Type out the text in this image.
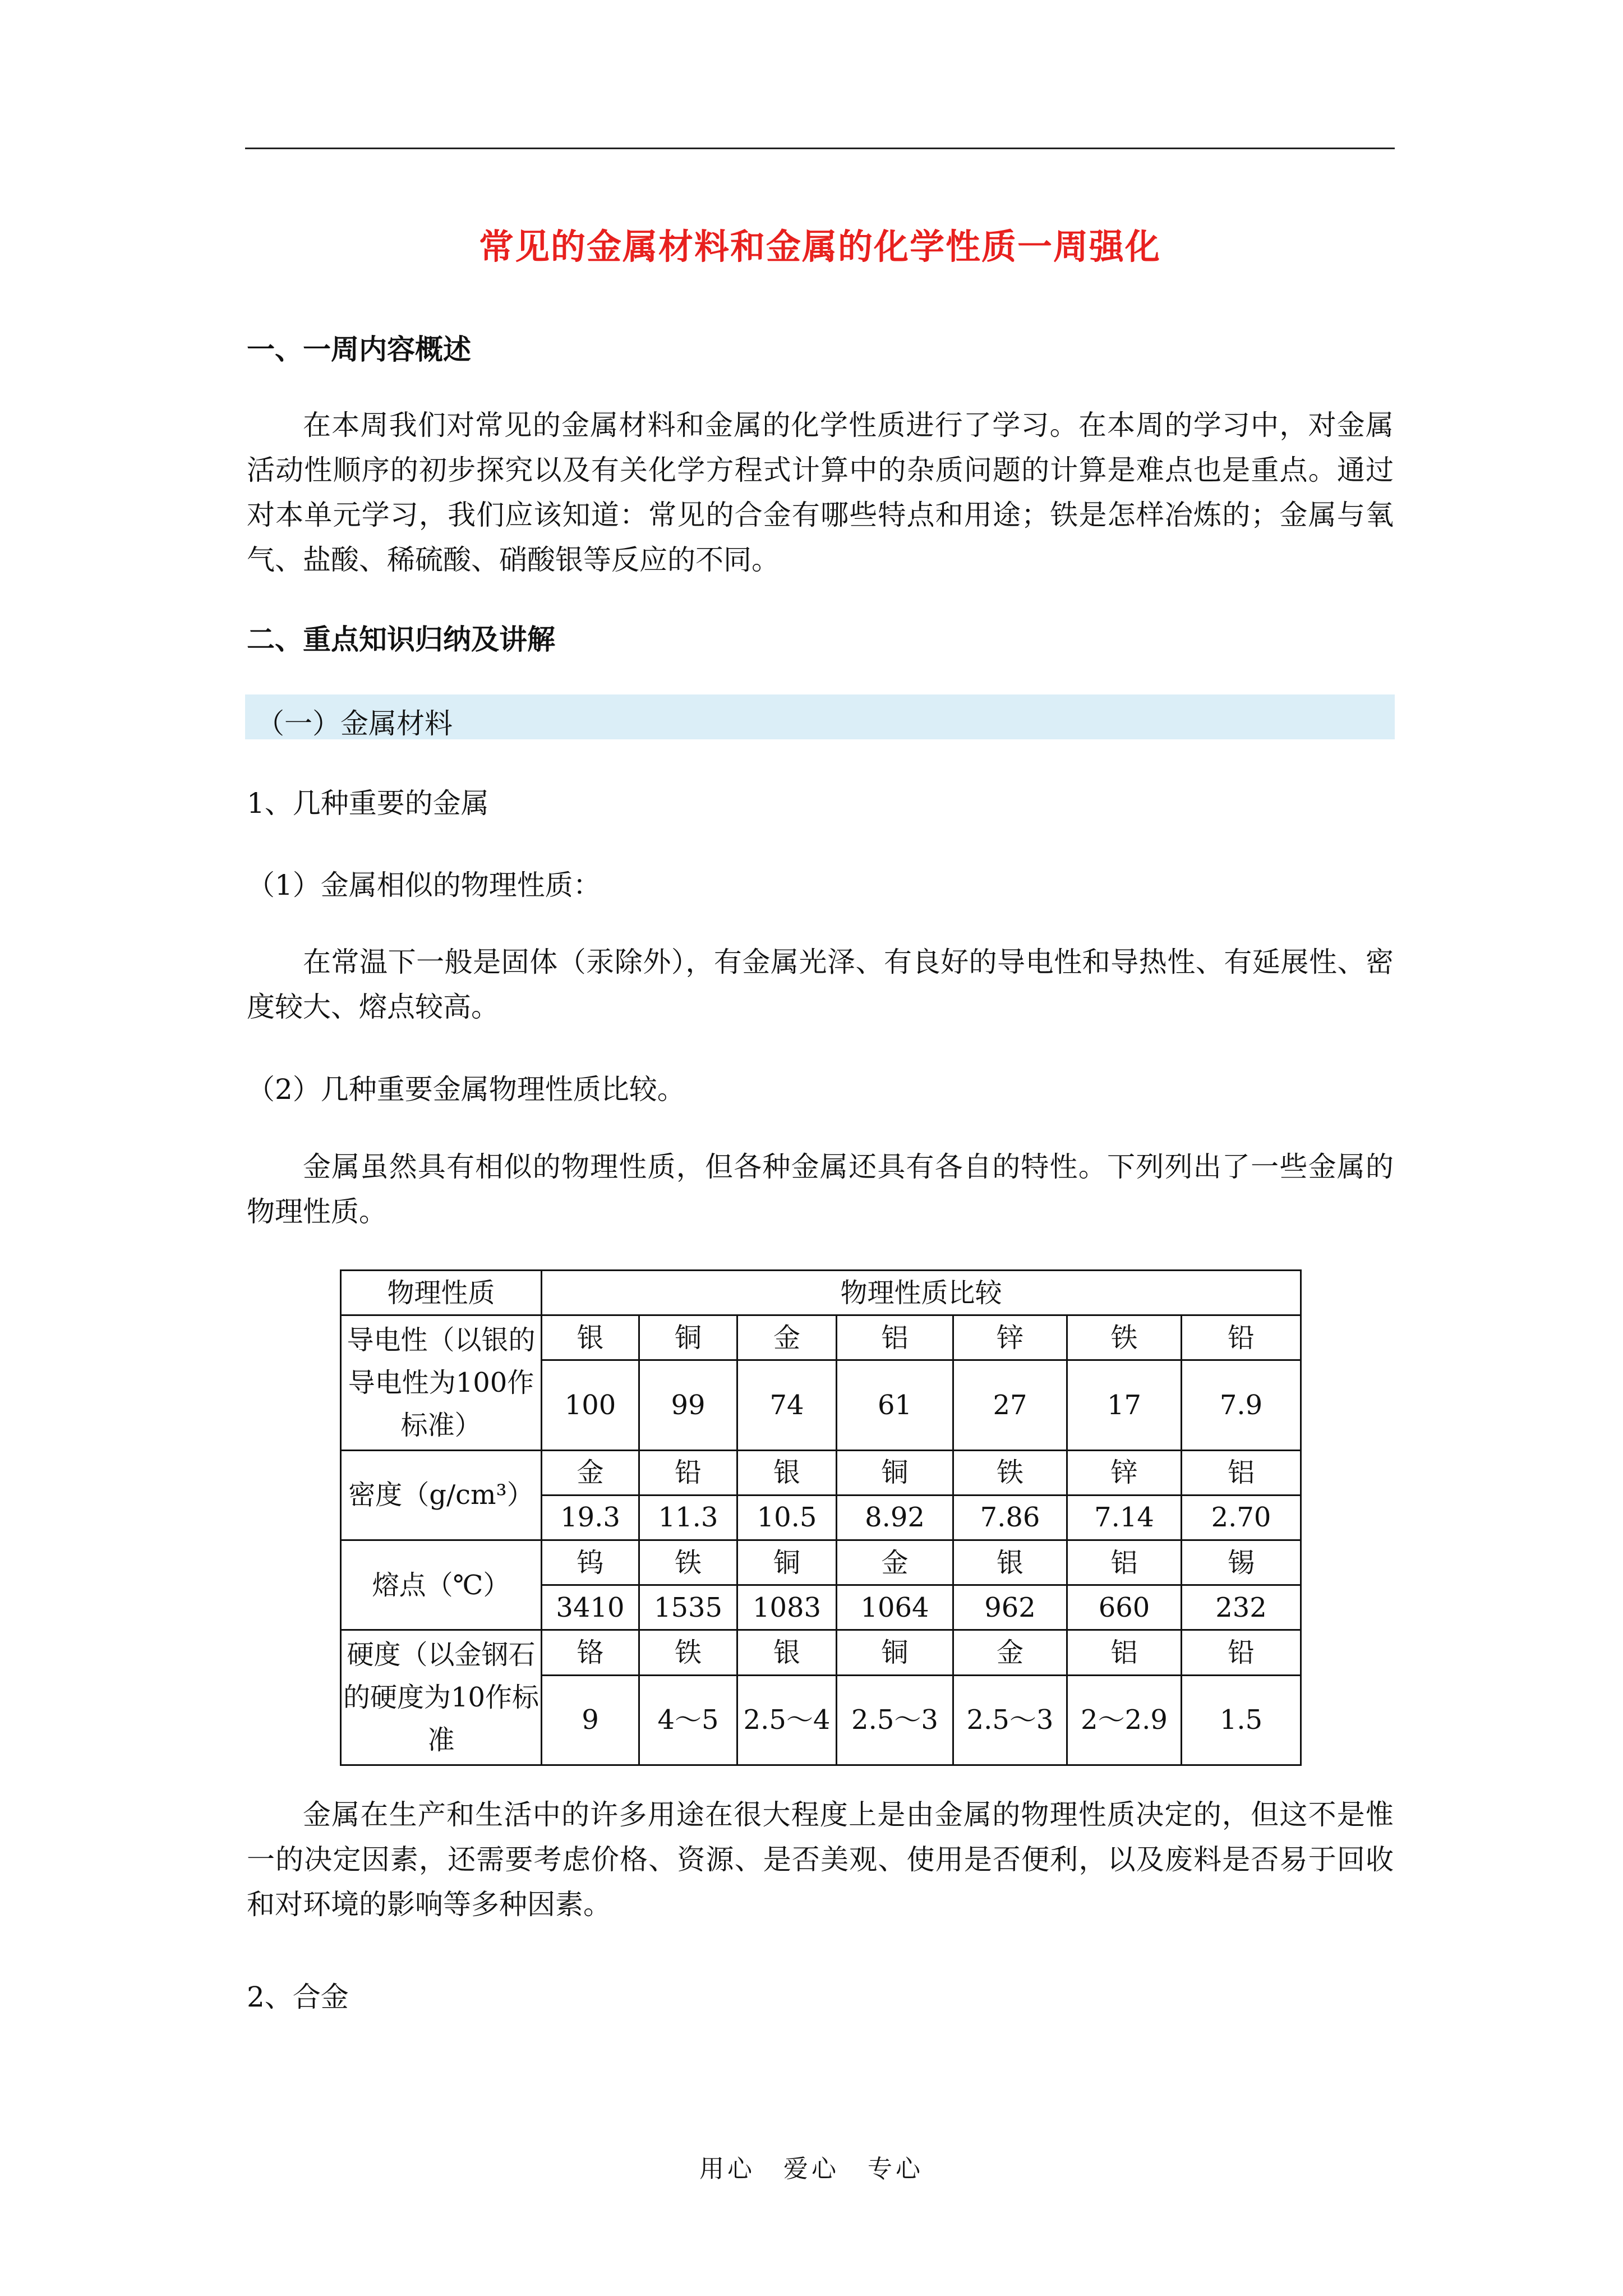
常见的金属材料和金属的化学性质一周强化
一、一周内容概述
在本周我们对常见的金属材料和金属的化学性质进行了学习。在本周的学习中，对金属活动性顺序的初步探究以及有关化学方程式计算中的杂质问题的计算是难点也是重点。通过对本单元学习，我们应该知道：常见的合金有哪些特点和用途；铁是怎样冶炼的；金属与氧气、盐酸、稀硫酸、硝酸银等反应的不同。
二、重点知识归纳及讲解
（一）金属材料
1、几种重要的金属
（1）金属相似的物理性质：
在常温下一般是固体（汞除外），有金属光泽、有良好的导电性和导热性、有延展性、密度较大、熔点较高。
（2）几种重要金属物理性质比较。
金属虽然具有相似的物理性质，但各种金属还具有各自的特性。下列列出了一些金属的物理性质。
物理性质	物理性质比较						
导电性（以银的导电性为100作标准）	银	铜	金	铝	锌	铁	铅
	100	99	74	61	27	17	7.9
密度（g/cm³）	金	铅	银	铜	铁	锌	铝
	19.3	11.3	10.5	8.92	7.86	7.14	2.70
熔点（℃）	钨	铁	铜	金	银	铝	锡
	3410	1535	1083	1064	962	660	232
硬度（以金钢石的硬度为10作标准	铬	铁	银	铜	金	铝	铅
	9	4～5	2.5～4	2.5～3	2.5～3	2～2.9	1.5
金属在生产和生活中的许多用途在很大程度上是由金属的物理性质决定的，但这不是惟一的决定因素，还需要考虑价格、资源、是否美观、使用是否便利，以及废料是否易于回收和对环境的影响等多种因素。
2、合金
用心　爱心　专心
